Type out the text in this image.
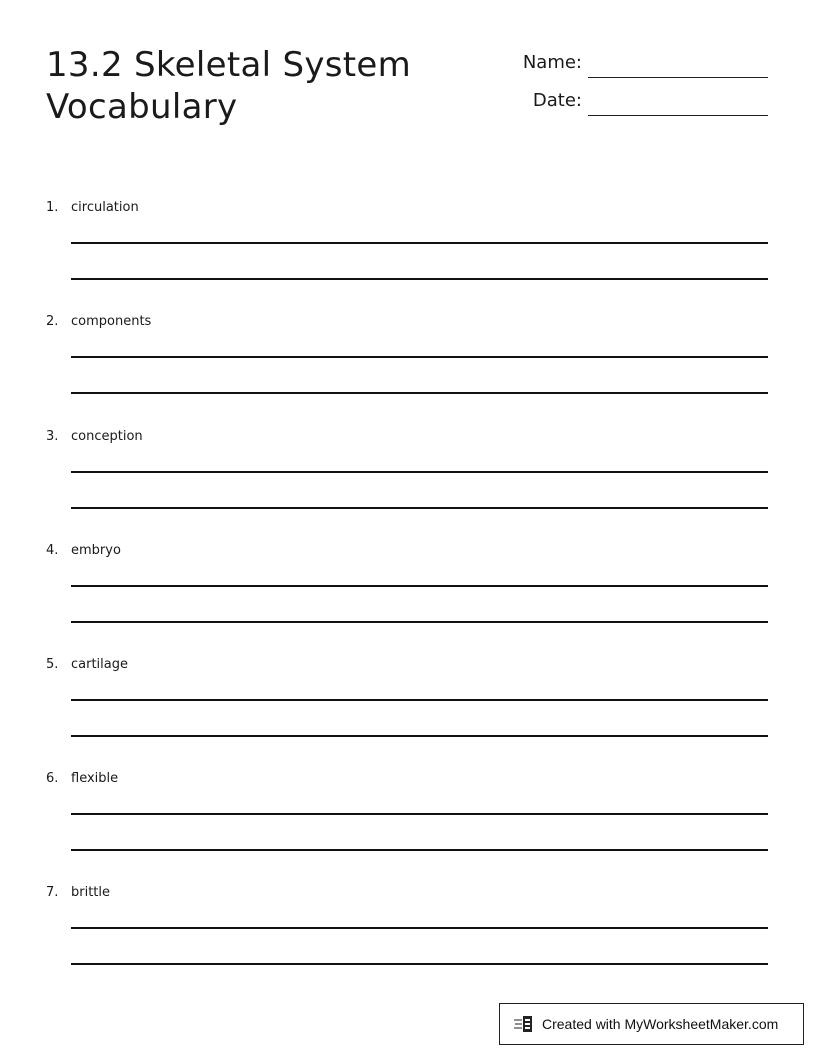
13.2 Skeletal System
Vocabulary
Name:
Date:
1. circulation
2. components
3. conception
4. embryo
5. cartilage
6. flexible
7. brittle
Created with MyWorksheetMaker.com
